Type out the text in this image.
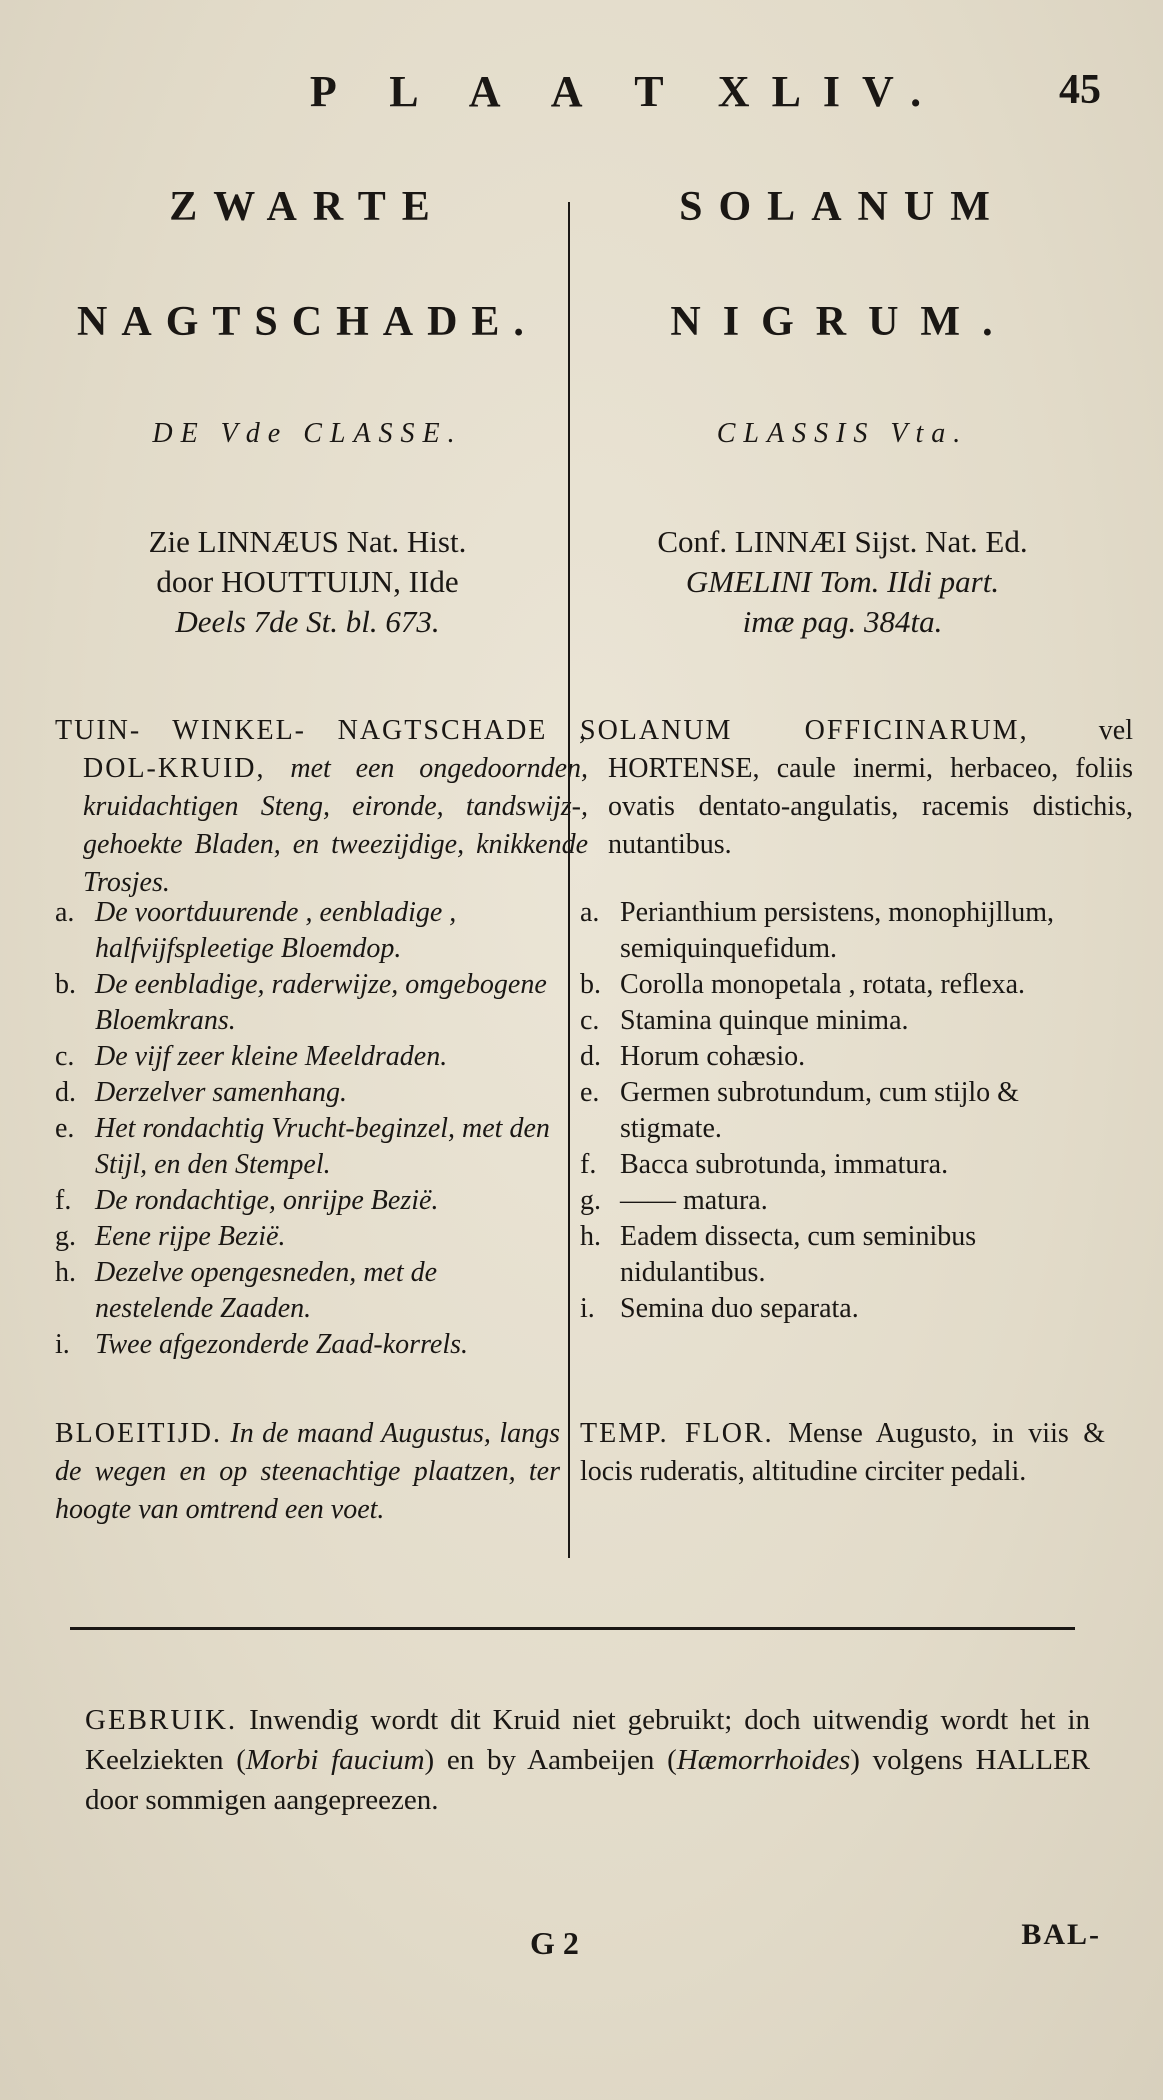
P L A A T XLIV.	45
ZWARTE
NAGTSCHADE.
DE Vde CLASSE.
Zie LINNÆUS Nat. Hist.
door HOUTTUIJN, IIde
Deels 7de St. bl. 673.
TUIN- WINKEL- NAGTSCHADE , DOL-KRUID, met een ongedoornden, kruidachtigen Steng, eironde, tandswijz-, gehoekte Bladen, en tweezijdige, knikkende Trosjes.
a. De voortduurende , eenbladige , halfvijfspleetige Bloemdop.
b. De eenbladige, raderwijze, omgebogene Bloemkrans.
c. De vijf zeer kleine Meeldraden.
d. Derzelver samenhang.
e. Het rondachtig Vrucht-beginzel, met den Stijl, en den Stempel.
f. De rondachtige, onrijpe Bezië.
g. Eene rijpe Bezië.
h. Dezelve opengesneden, met de nestelende Zaaden.
i. Twee afgezonderde Zaad-korrels.
BLOEITIJD. In de maand Augustus, langs de wegen en op steenachtige plaatzen, ter hoogte van omtrend een voet.
SOLANUM
NIGRUM.
CLASSIS Vta.
Conf. LINNÆI Sijst. Nat. Ed.
GMELINI Tom. IIdi part.
imæ pag. 384ta.
SOLANUM OFFICINARUM,	vel HORTENSE, caule inermi, herbaceo, foliis ovatis dentato-angulatis, racemis distichis, nutantibus.
a. Perianthium persistens, monophijllum, semiquinquefidum.
b. Corolla monopetala , rotata, reflexa.
c. Stamina quinque minima.
d. Horum cohæsio.
e. Germen subrotundum, cum stijlo & stigmate.
f. Bacca subrotunda, immatura.
g. —— matura.
h. Eadem dissecta, cum seminibus nidulantibus.
i. Semina duo separata.
TEMP. FLOR. Mense Augusto, in viis & locis ruderatis, altitudine circiter pedali.
GEBRUIK. Inwendig wordt dit Kruid niet gebruikt; doch uitwendig wordt het in Keelziekten (Morbi faucium) en by Aambeijen (Hæmorrhoides) volgens HALLER door sommigen aangepreezen.
G 2	BAL-
